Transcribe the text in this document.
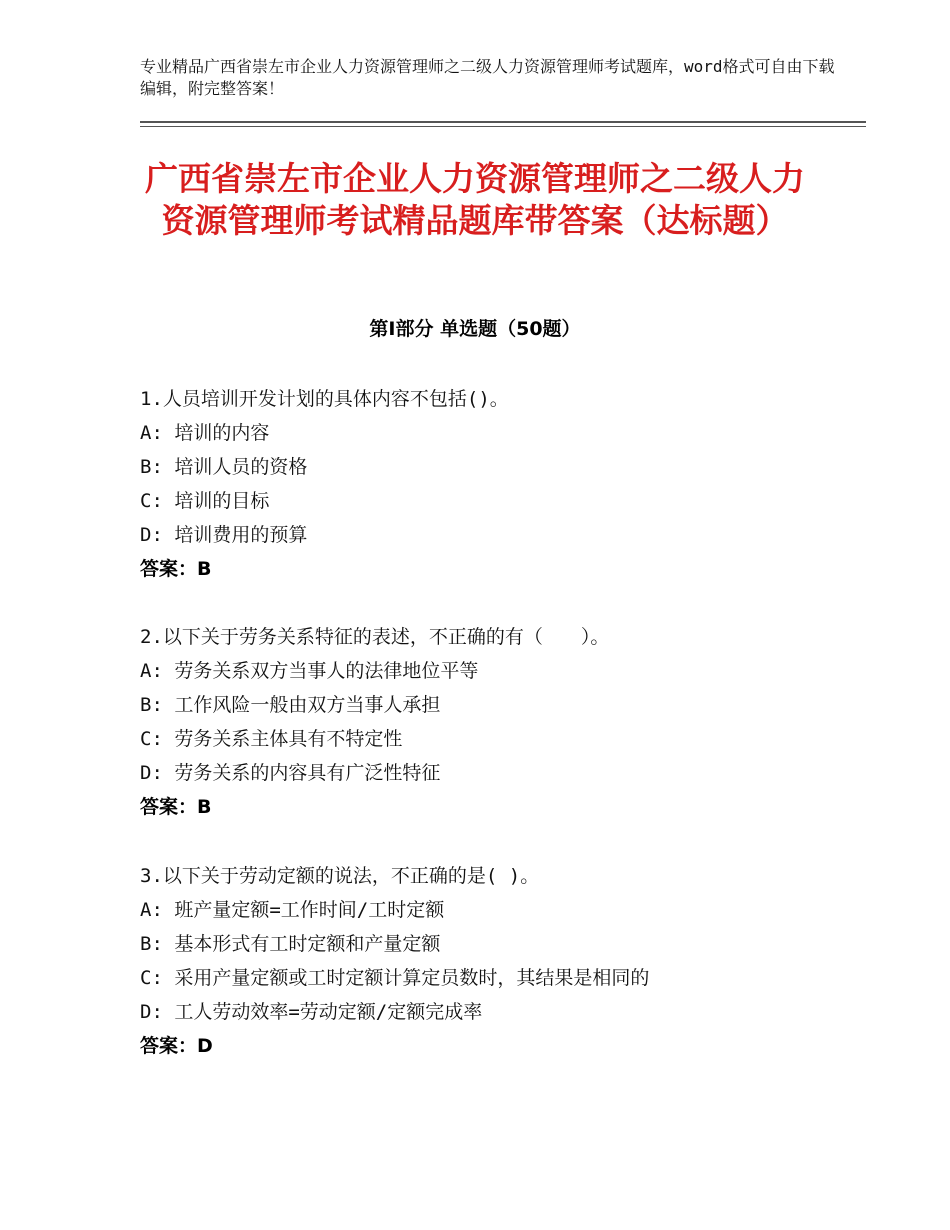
专业精品广西省崇左市企业人力资源管理师之二级人力资源管理师考试题库，word格式可自由下载编辑，附完整答案！
广西省崇左市企业人力资源管理师之二级人力资源管理师考试精品题库带答案（达标题）
第Ⅰ部分 单选题（50题）
1.人员培训开发计划的具体内容不包括()。
A: 培训的内容
B: 培训人员的资格
C: 培训的目标
D: 培训费用的预算
答案：B
2.以下关于劳务关系特征的表述，不正确的有（　　）。
A: 劳务关系双方当事人的法律地位平等
B: 工作风险一般由双方当事人承担
C: 劳务关系主体具有不特定性
D: 劳务关系的内容具有广泛性特征
答案：B
3.以下关于劳动定额的说法，不正确的是( )。
A: 班产量定额=工作时间/工时定额
B: 基本形式有工时定额和产量定额
C: 采用产量定额或工时定额计算定员数时，其结果是相同的
D: 工人劳动效率=劳动定额/定额完成率
答案：D
